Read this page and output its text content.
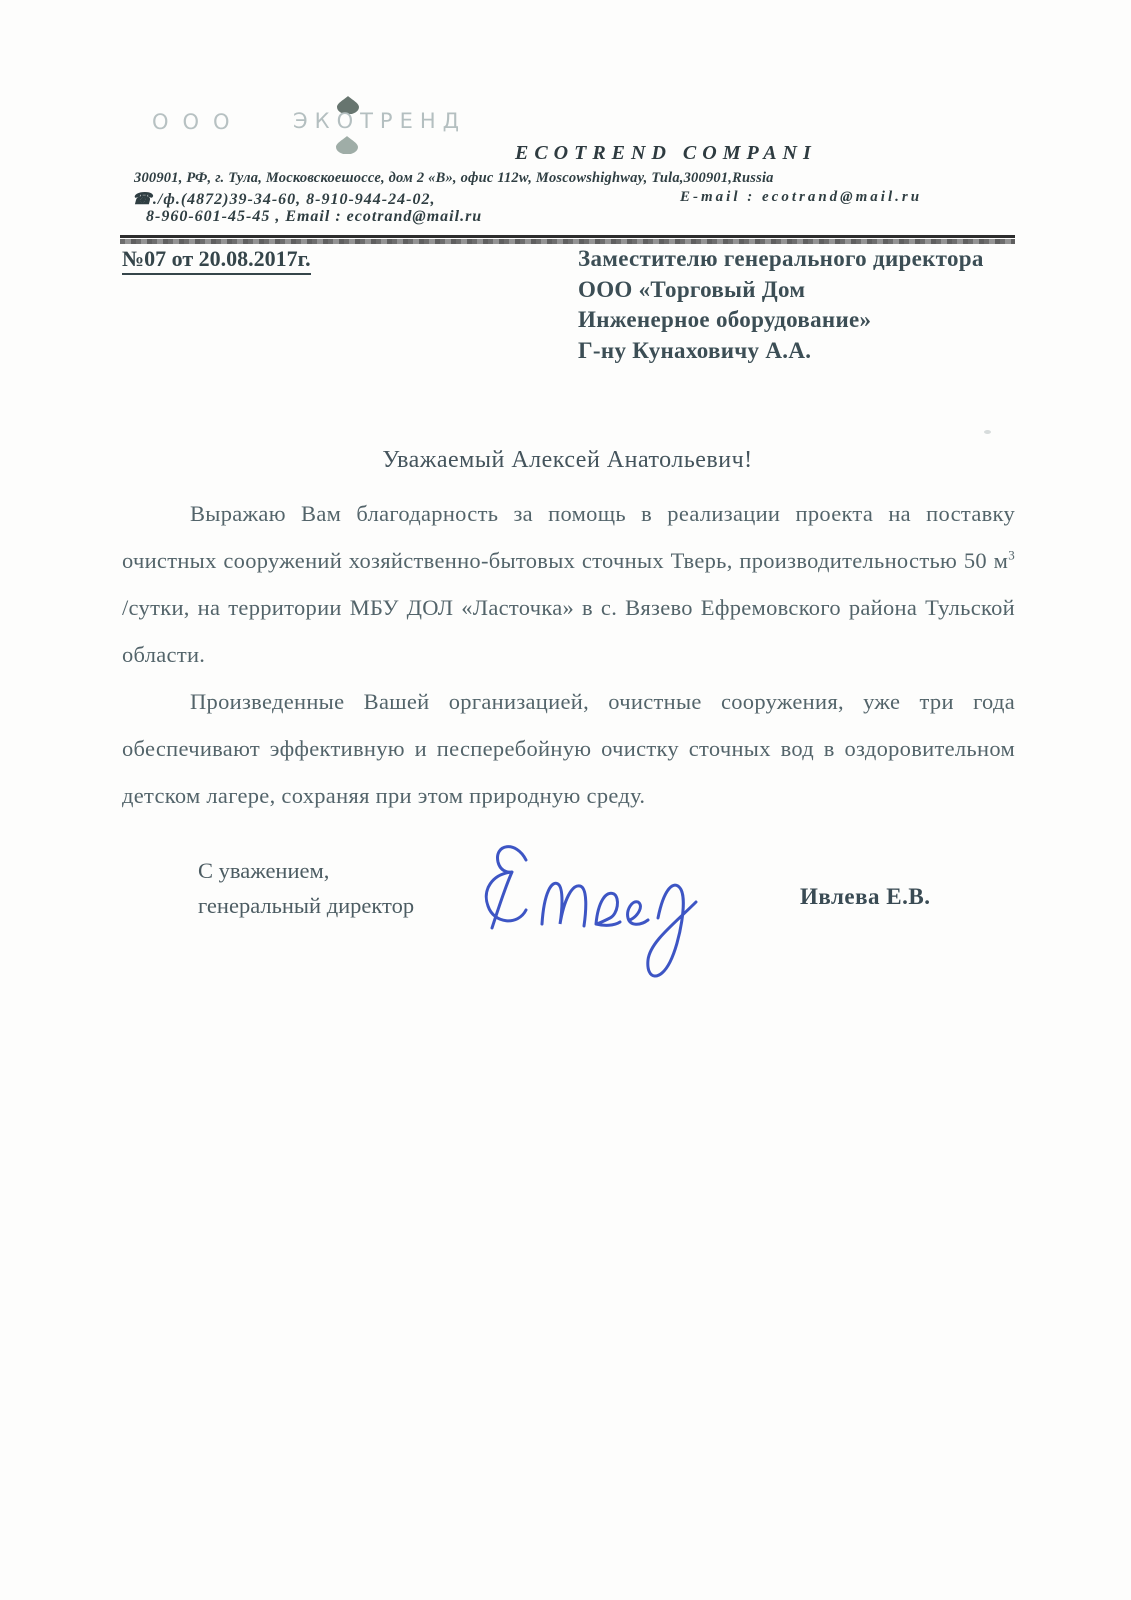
ООО ЭКОТРЕНД
ECOTREND COMPANI
300901, РФ, г. Тула, Московскоешоссе, дом 2 «В», офис 112w, Moscowshighway, Tula,300901,Russia
☎./ф.(4872)39-34-60, 8-910-944-24-02,	E-mail : ecotrand@mail.ru
8-960-601-45-45 , Email : ecotrand@mail.ru
№07 от 20.08.2017г.	Заместителю генерального директора
ООО «Торговый Дом
Инженерное оборудование»
Г-ну Кунаховичу А.А.
Уважаемый Алексей Анатольевич!

Выражаю Вам благодарность за помощь в реализации проекта на поставку очистных сооружений хозяйственно-бытовых сточных Тверь, производительностью 50 $м^3$ /сутки, на территории МБУ ДОЛ «Ласточка» в с. Вязево Ефремовского района Тульской области.

Произведенные Вашей организацией, очистные сооружения, уже три года обеспечивают эффективную и песперебойную очистку сточных вод в оздоровительном детском лагере, сохраняя при этом природную среду.

С уважением,
генеральный директор	Ивлева Е.В.
